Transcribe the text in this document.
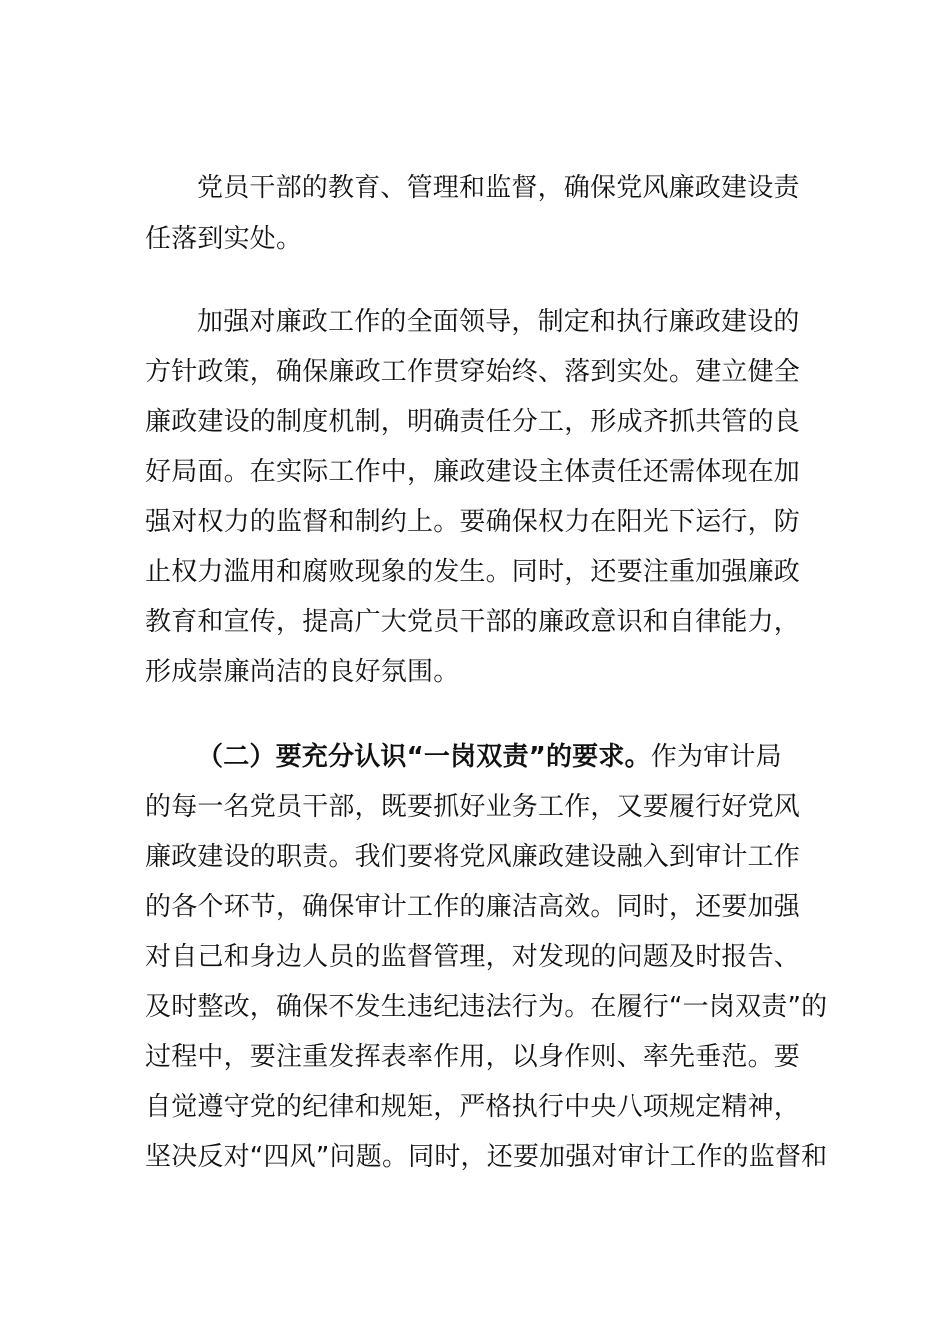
党员干部的教育、管理和监督，确保党风廉政建设责
任落到实处。
加强对廉政工作的全面领导，制定和执行廉政建设的
方针政策，确保廉政工作贯穿始终、落到实处。建立健全
廉政建设的制度机制，明确责任分工，形成齐抓共管的良
好局面。在实际工作中，廉政建设主体责任还需体现在加
强对权力的监督和制约上。要确保权力在阳光下运行，防
止权力滥用和腐败现象的发生。同时，还要注重加强廉政
教育和宣传，提高广大党员干部的廉政意识和自律能力，
形成崇廉尚洁的良好氛围。
（二）要充分认识“一岗双责”的要求。作为审计局
的每一名党员干部，既要抓好业务工作，又要履行好党风
廉政建设的职责。我们要将党风廉政建设融入到审计工作
的各个环节，确保审计工作的廉洁高效。同时，还要加强
对自己和身边人员的监督管理，对发现的问题及时报告、
及时整改，确保不发生违纪违法行为。在履行“一岗双责”的
过程中，要注重发挥表率作用，以身作则、率先垂范。要
自觉遵守党的纪律和规矩，严格执行中央八项规定精神，
坚决反对“四风”问题。同时，还要加强对审计工作的监督和
